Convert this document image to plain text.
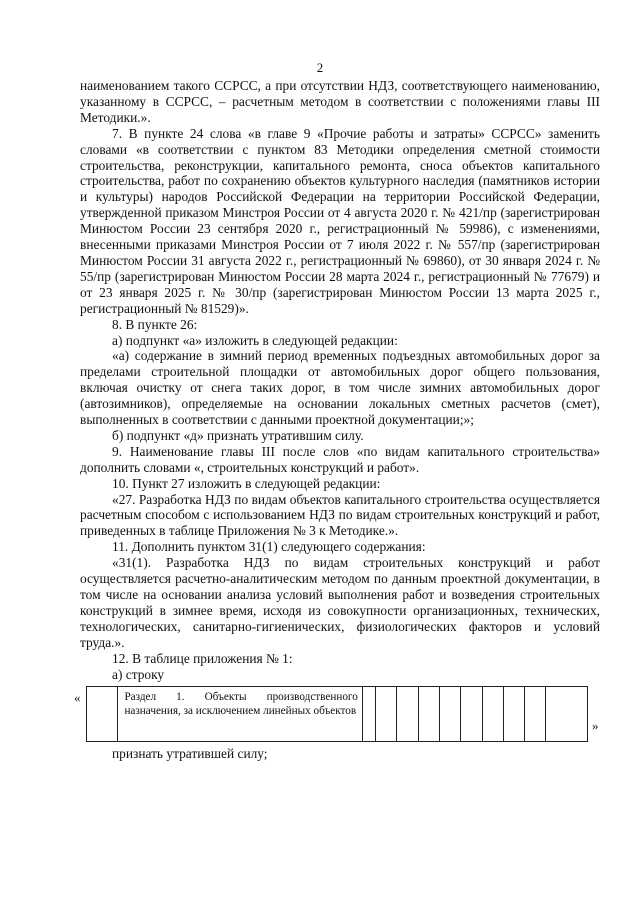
2

наименованием такого ССРСС, а при отсутствии НДЗ, соответствующего наименованию, указанному в ССРСС, – расчетным методом в соответствии с положениями главы III Методики.».

7. В пункте 24 слова «в главе 9 «Прочие работы и затраты» ССРСС» заменить словами «в соответствии с пунктом 83 Методики определения сметной стоимости строительства, реконструкции, капитального ремонта, сноса объектов капитального строительства, работ по сохранению объектов культурного наследия (памятников истории и культуры) народов Российской Федерации на территории Российской Федерации, утвержденной приказом Минстроя России от 4 августа 2020 г. № 421/пр (зарегистрирован Минюстом России 23 сентября 2020 г., регистрационный № 59986), с изменениями, внесенными приказами Минстроя России от 7 июля 2022 г. № 557/пр (зарегистрирован Минюстом России 31 августа 2022 г., регистрационный № 69860), от 30 января 2024 г. № 55/пр (зарегистрирован Минюстом России 28 марта 2024 г., регистрационный № 77679) и от 23 января 2025 г. № 30/пр (зарегистрирован Минюстом России 13 марта 2025 г., регистрационный № 81529)».

8. В пункте 26:

а) подпункт «а» изложить в следующей редакции:

«а) содержание в зимний период временных подъездных автомобильных дорог за пределами строительной площадки от автомобильных дорог общего пользования, включая очистку от снега таких дорог, в том числе зимних автомобильных дорог (автозимников), определяемые на основании локальных сметных расчетов (смет), выполненных в соответствии с данными проектной документации;»;

б) подпункт «д» признать утратившим силу.

9. Наименование главы III после слов «по видам капитального строительства» дополнить словами «, строительных конструкций и работ».

10. Пункт 27 изложить в следующей редакции:

«27. Разработка НДЗ по видам объектов капитального строительства осуществляется расчетным способом с использованием НДЗ по видам строительных конструкций и работ, приведенных в таблице Приложения № 3 к Методике.».

11. Дополнить пунктом 31(1) следующего содержания:

«31(1). Разработка НДЗ по видам строительных конструкций и работ осуществляется расчетно-аналитическим методом по данным проектной документации, в том числе на основании анализа условий выполнения работ и возведения строительных конструкций в зимнее время, исходя из совокупности организационных, технических, технологических, санитарно-гигиенических, физиологических факторов и условий труда.».

12. В таблице приложения № 1:

а) строку

«
		Раздел 1. Объекты производственного назначения, за исключением линейных объектов										
»

признать утратившей силу;
